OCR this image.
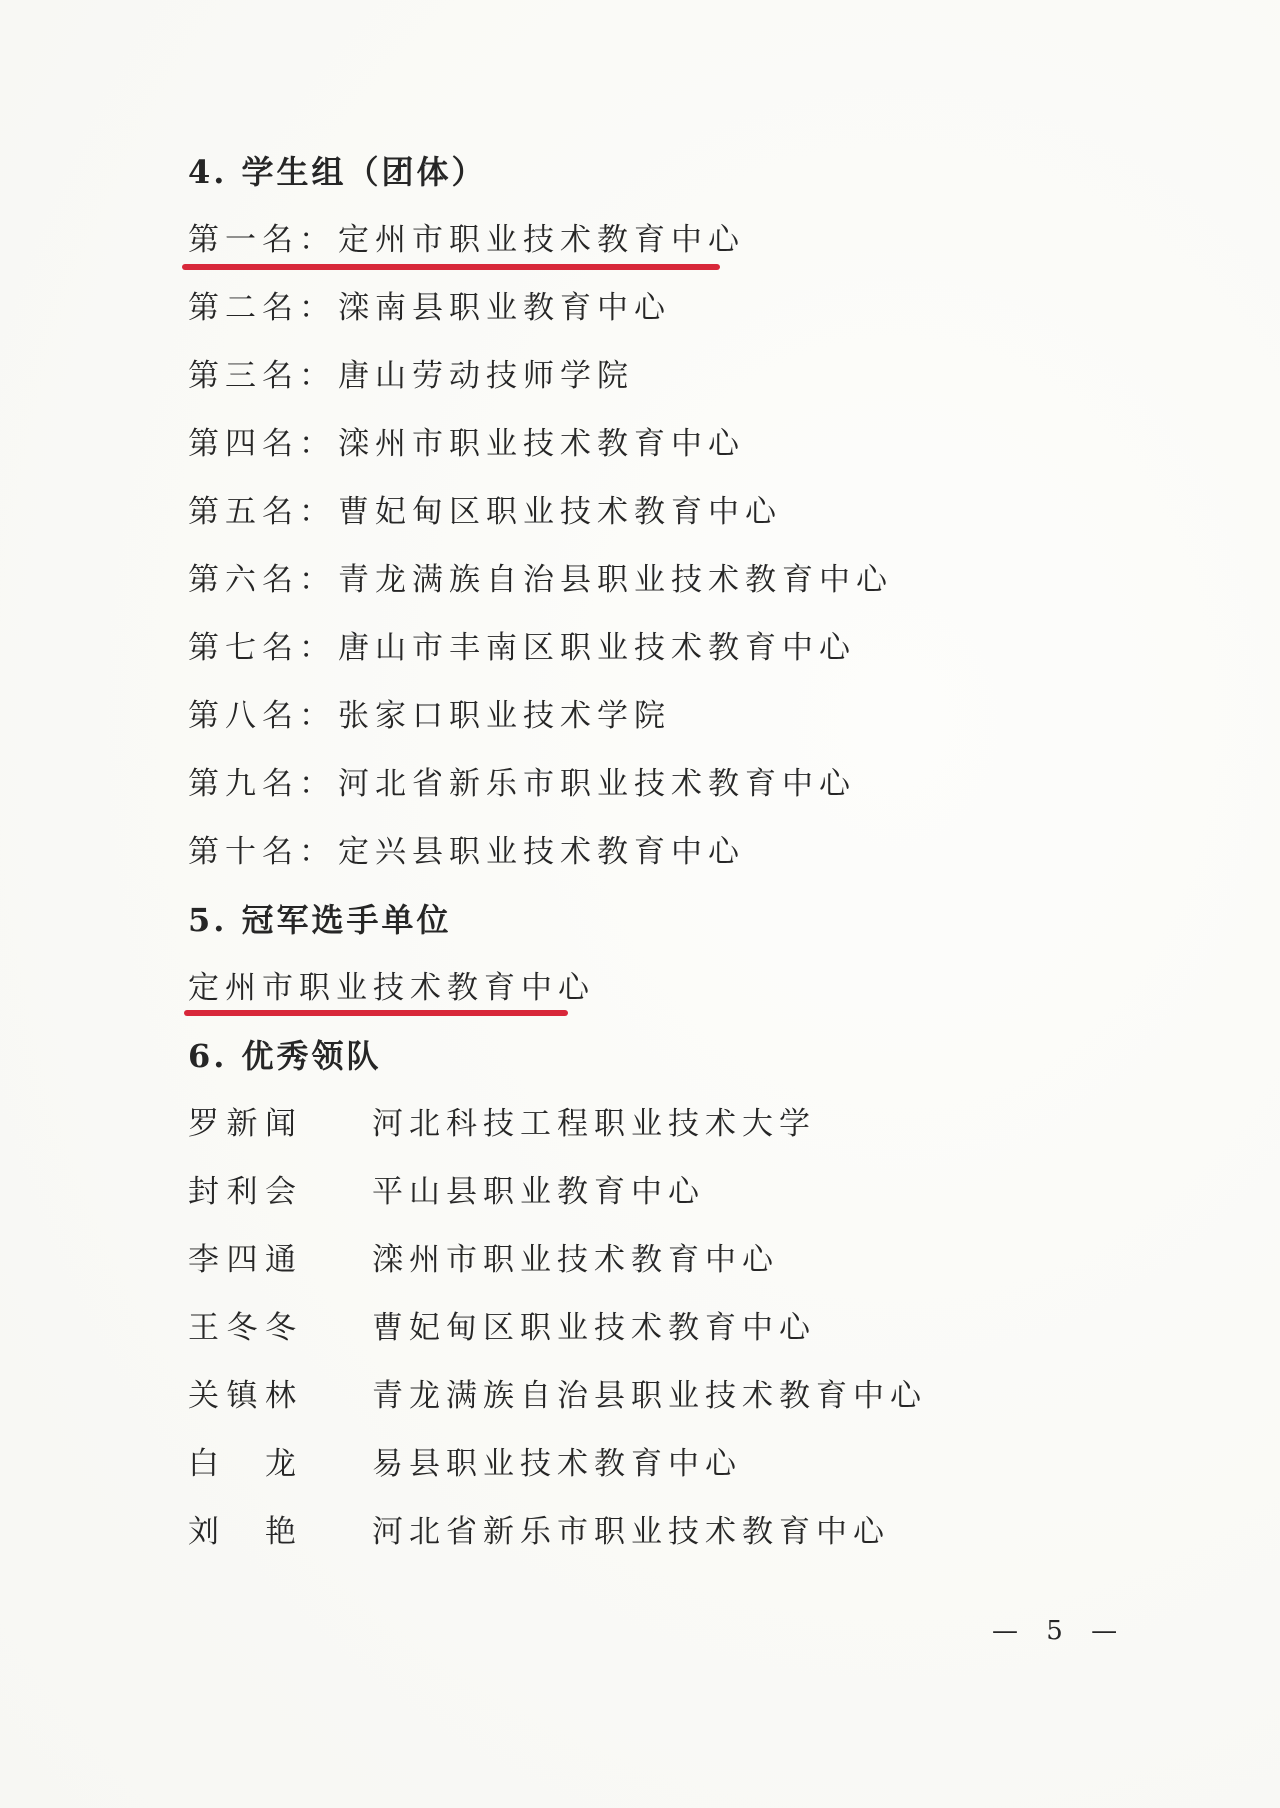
4. 学生组（团体）
第一名：定州市职业技术教育中心
第二名：滦南县职业教育中心
第三名：唐山劳动技师学院
第四名：滦州市职业技术教育中心
第五名：曹妃甸区职业技术教育中心
第六名：青龙满族自治县职业技术教育中心
第七名：唐山市丰南区职业技术教育中心
第八名：张家口职业技术学院
第九名：河北省新乐市职业技术教育中心
第十名：定兴县职业技术教育中心
5. 冠军选手单位
定州市职业技术教育中心
6. 优秀领队
罗新闻 河北科技工程职业技术大学
封利会 平山县职业教育中心
李四通 滦州市职业技术教育中心
王冬冬 曹妃甸区职业技术教育中心
关镇林 青龙满族自治县职业技术教育中心
白龙 易县职业技术教育中心
刘艳 河北省新乐市职业技术教育中心
— 5 —
